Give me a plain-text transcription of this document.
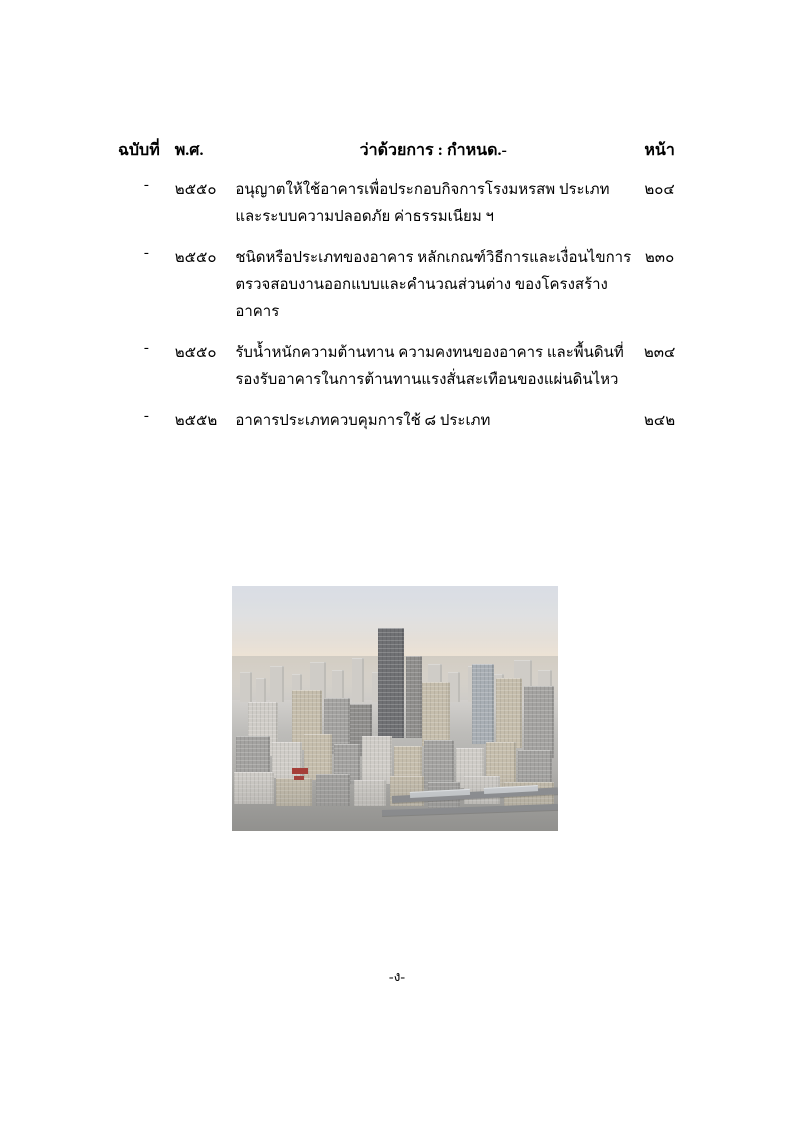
ฉบับที่	พ.ศ.	ว่าด้วยการ : กำหนด.-	หน้า
-	๒๕๕๐	อนุญาตให้ใช้อาคารเพื่อประกอบกิจการโรงมหรสพ ประเภท
และระบบความปลอดภัย ค่าธรรมเนียม ฯ	๒๐๔

-	๒๕๕๐	ชนิดหรือประเภทของอาคาร หลักเกณฑ์วิธีการและเงื่อนไขการ
ตรวจสอบงานออกแบบและคำนวณส่วนต่าง ของโครงสร้าง
อาคาร	๒๓๐

-	๒๕๕๐	รับน้ำหนักความต้านทาน ความคงทนของอาคาร และพื้นดินที่
รองรับอาคารในการต้านทานแรงสั่นสะเทือนของแผ่นดินไหว	๒๓๔

-	๒๕๕๒	อาคารประเภทควบคุมการใช้ ๘ ประเภท	๒๔๒
-ง-
